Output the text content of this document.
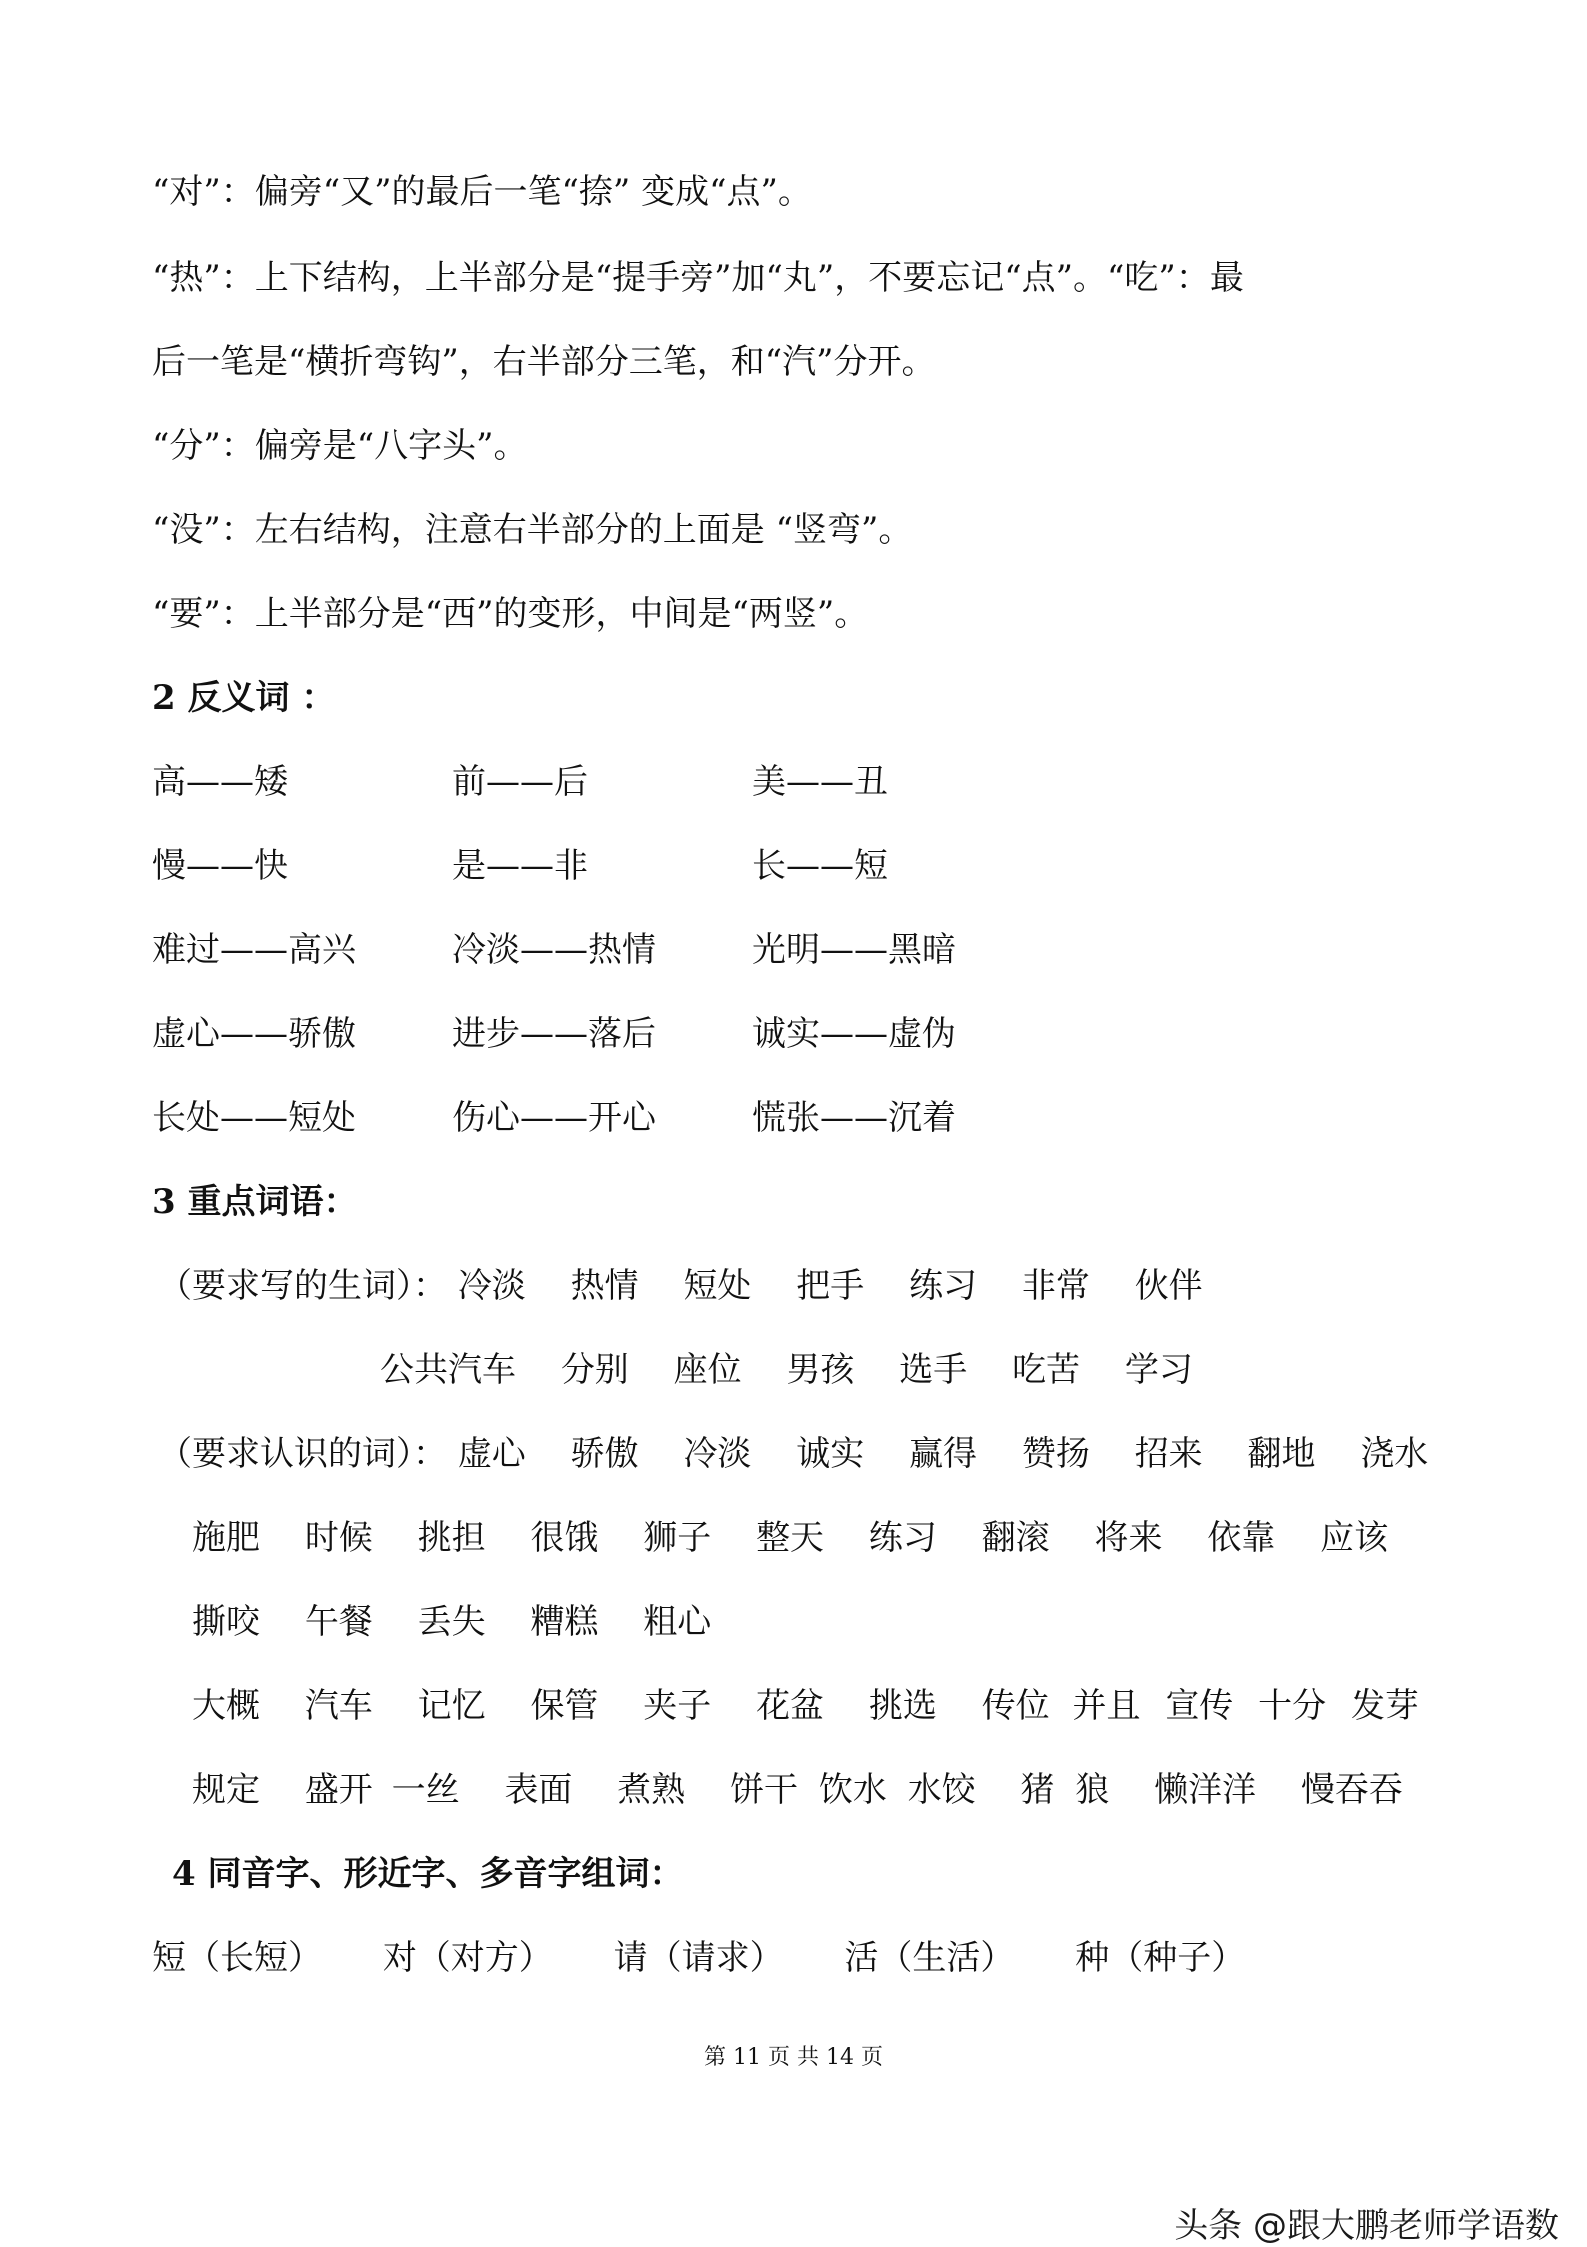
“对”：偏旁“又”的最后一笔“捺” 变成“点”。
“热”：上下结构，上半部分是“提手旁”加“丸”，不要忘记“点”。“吃”：最
后一笔是“横折弯钩”，右半部分三笔，和“汽”分开。
“分”：偏旁是“八字头”。
“没”：左右结构，注意右半部分的上面是 “竖弯”。
“要”：上半部分是“西”的变形，中间是“两竖”。
2 反义词 ：
高——矮	前——后	美——丑
慢——快	是——非	长——短
难过——高兴	冷淡——热情	光明——黑暗
虚心——骄傲	进步——落后	诚实——虚伪
长处——短处	伤心——开心	慌张——沉着
3 重点词语：
（要求写的生词）： 冷淡 热情 短处 把手 练习 非常 伙伴
公共汽车 分别 座位 男孩 选手 吃苦 学习
（要求认识的词）： 虚心 骄傲 冷淡 诚实 赢得 赞扬 招来 翻地 浇水
施肥 时候 挑担 很饿 狮子 整天 练习 翻滚 将来 依靠 应该
撕咬 午餐 丢失 糟糕 粗心
大概 汽车 记忆 保管 夹子 花盆 挑选 传位 并且 宣传 十分 发芽
规定 盛开 一丝 表面 煮熟 饼干 饮水 水饺 猪 狼 懒洋洋 慢吞吞
4 同音字、形近字、多音字组词：
短（长短） 对（对方） 请（请求） 活（生活） 种（种子）
第 11 页 共 14 页
头条 @跟大鹏老师学语数
